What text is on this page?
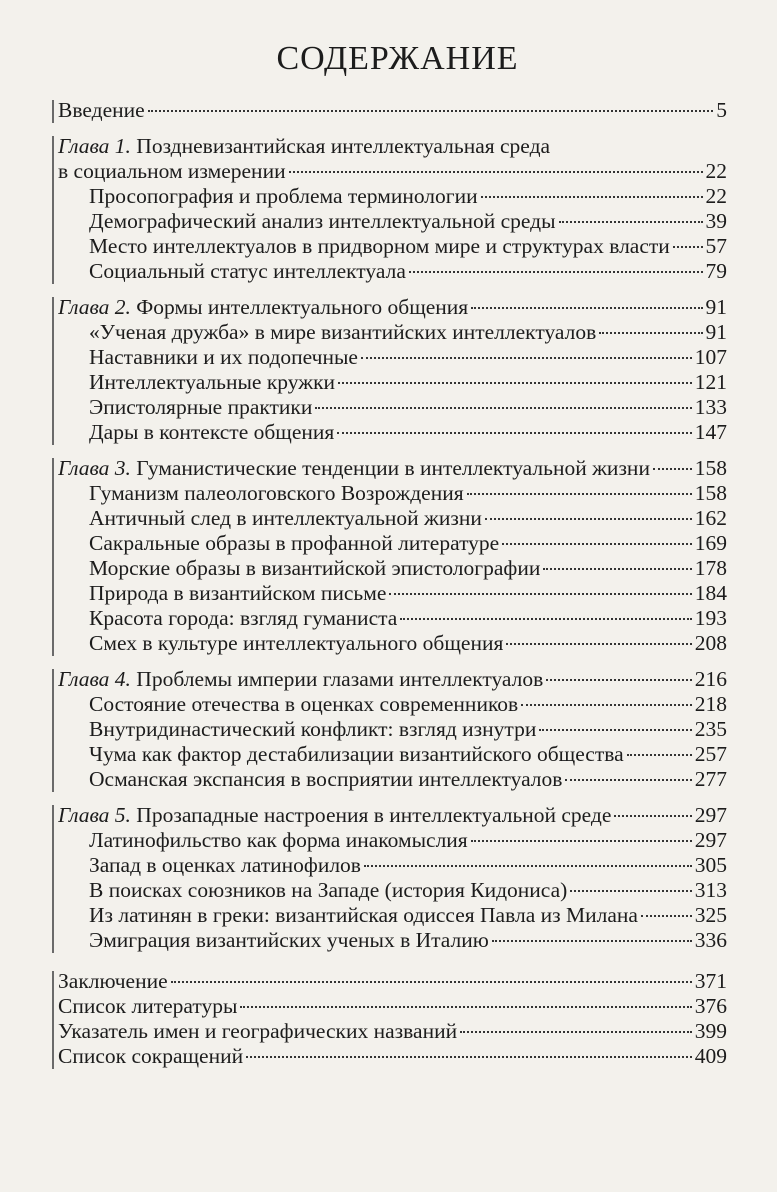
СОДЕРЖАНИЕ
Введение	5
Глава 1. Поздневизантийская интеллектуальная среда
в социальном измерении	22
Просопография и проблема терминологии	22
Демографический анализ интеллектуальной среды	39
Место интеллектуалов в придворном мире и структурах власти 57
Социальный статус интеллектуала	79
Глава 2. Формы интеллектуального общения	91
«Ученая дружба» в мире византийских интеллектуалов	91
Наставники и их подопечные	107
Интеллектуальные кружки	121
Эпистолярные практики	133
Дары в контексте общения	147
Глава 3. Гуманистические тенденции в интеллектуальной жизни 158
Гуманизм палеологовского Возрождения	158
Античный след в интеллектуальной жизни	162
Сакральные образы в профанной литературе	169
Морские образы в византийской эпистолографии	178
Природа в византийском письме	184
Красота города: взгляд гуманиста	193
Смех в культуре интеллектуального общения	208
Глава 4. Проблемы империи глазами интеллектуалов	216
Состояние отечества в оценках современников	218
Внутридинастический конфликт: взгляд изнутри	235
Чума как фактор дестабилизации византийского общества	257
Османская экспансия в восприятии интеллектуалов	277
Глава 5. Прозападные настроения в интеллектуальной среде	297
Латинофильство как форма инакомыслия	297
Запад в оценках латинофилов	305
В поисках союзников на Западе (история Кидониса)	313
Из латинян в греки: византийская одиссея Павла из Милана	325
Эмиграция византийских ученых в Италию	336
Заключение	371
Список литературы	376
Указатель имен и географических названий	399
Список сокращений	409
